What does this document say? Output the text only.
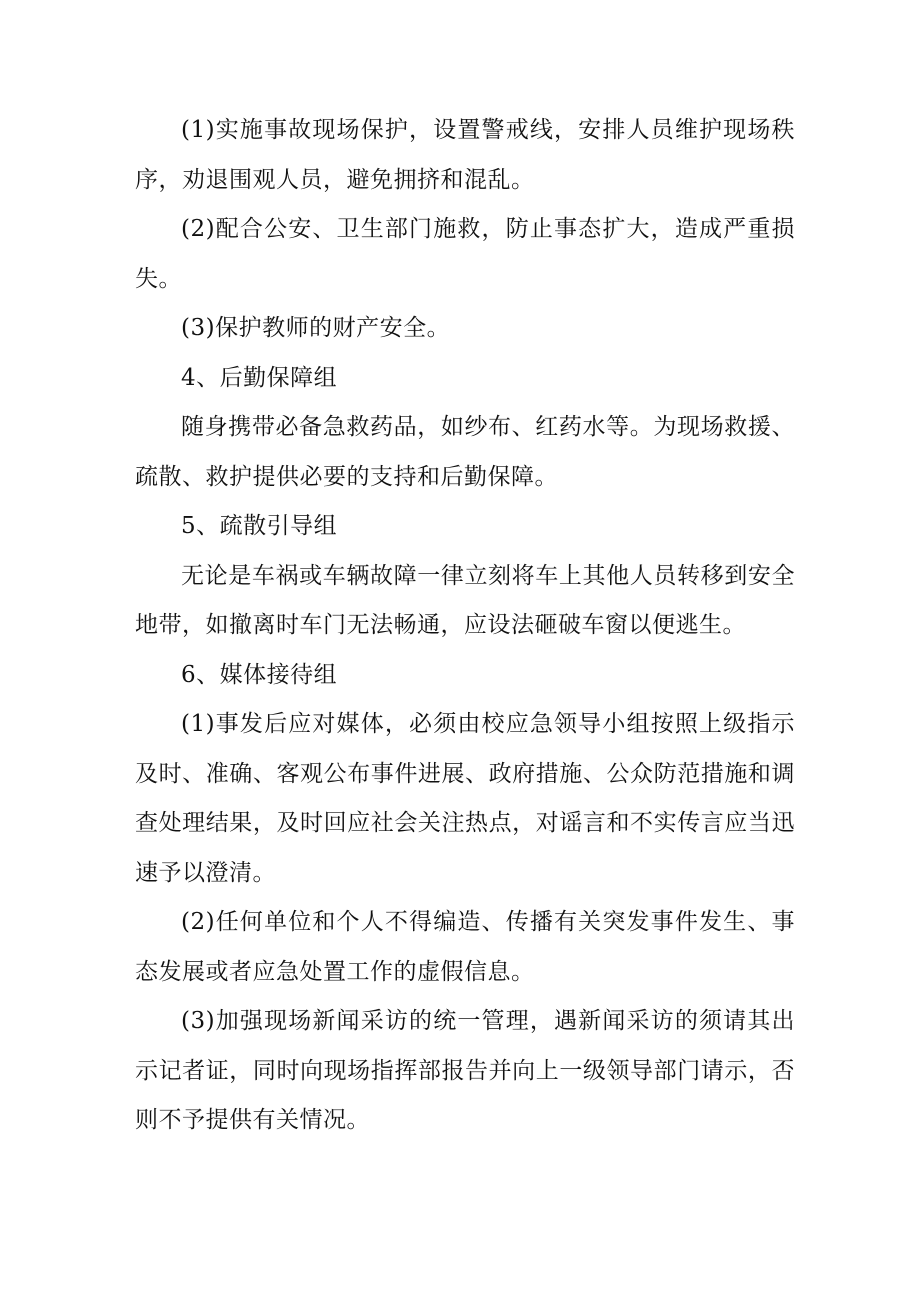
(1)实施事故现场保护，设置警戒线，安排人员维护现场秩序，劝退围观人员，避免拥挤和混乱。

(2)配合公安、卫生部门施救，防止事态扩大，造成严重损失。

(3)保护教师的财产安全。

4、后勤保障组

随身携带必备急救药品，如纱布、红药水等。为现场救援、疏散、救护提供必要的支持和后勤保障。

5、疏散引导组

无论是车祸或车辆故障一律立刻将车上其他人员转移到安全地带，如撤离时车门无法畅通，应设法砸破车窗以便逃生。

6、媒体接待组

(1)事发后应对媒体，必须由校应急领导小组按照上级指示及时、准确、客观公布事件进展、政府措施、公众防范措施和调查处理结果，及时回应社会关注热点，对谣言和不实传言应当迅速予以澄清。

(2)任何单位和个人不得编造、传播有关突发事件发生、事态发展或者应急处置工作的虚假信息。

(3)加强现场新闻采访的统一管理，遇新闻采访的须请其出示记者证，同时向现场指挥部报告并向上一级领导部门请示，否则不予提供有关情况。
